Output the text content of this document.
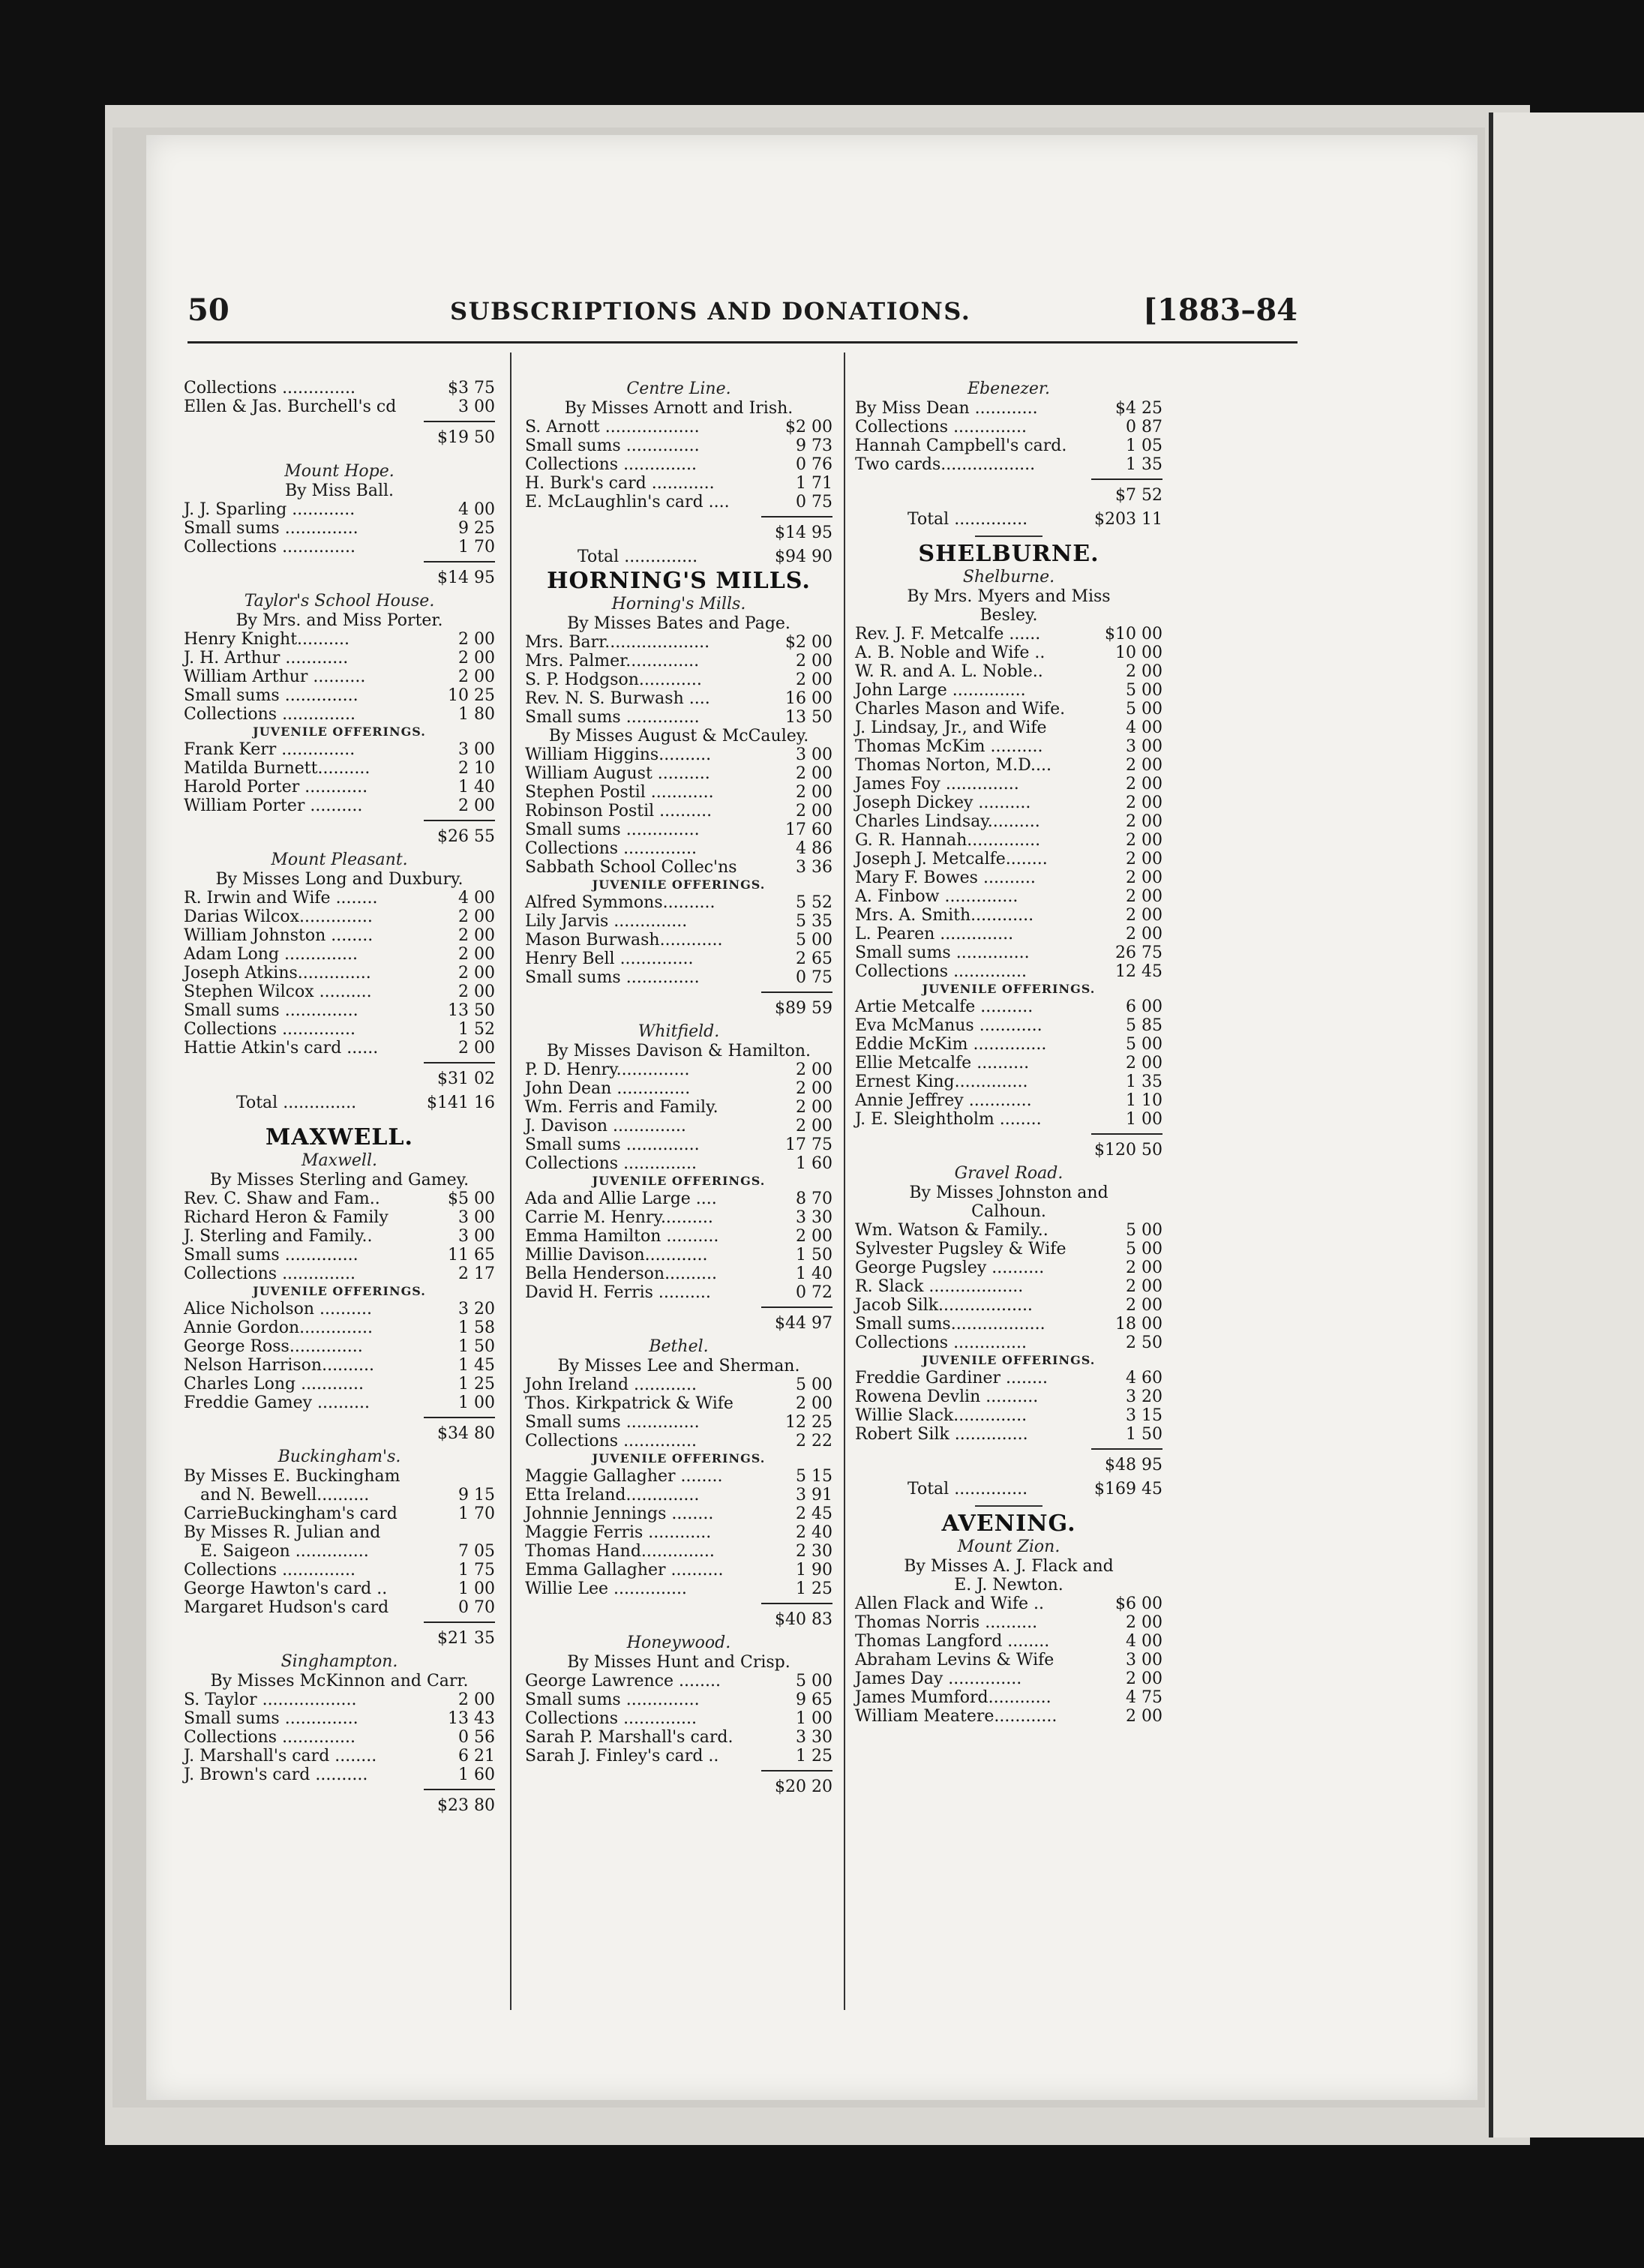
50	SUBSCRIPTIONS AND DONATIONS.	[1883–84
Collections ..............	$3 75
Ellen & Jas. Burchell's cd	3 00
$19 50
Mount Hope.
By Miss Ball.
J. J. Sparling ............	4 00
Small sums ..............	9 25
Collections ..............	1 70
$14 95
Taylor's School House.
By Mrs. and Miss Porter.
Henry Knight..........	2 00
J. H. Arthur ............	2 00
William Arthur ..........	2 00
Small sums ..............	10 25
Collections ..............	1 80
JUVENILE OFFERINGS.
Frank Kerr ..............	3 00
Matilda Burnett..........	2 10
Harold Porter ............	1 40
William Porter ..........	2 00
$26 55
Mount Pleasant.
By Misses Long and Duxbury.
R. Irwin and Wife ........	4 00
Darias Wilcox..............	2 00
William Johnston ........	2 00
Adam Long ..............	2 00
Joseph Atkins..............	2 00
Stephen Wilcox ..........	2 00
Small sums ..............	13 50
Collections ..............	1 52
Hattie Atkin's card ......	2 00
$31 02
Total ..............	$141 16
MAXWELL.
Maxwell.
By Misses Sterling and Gamey.
Rev. C. Shaw and Fam..	$5 00
Richard Heron & Family	3 00
J. Sterling and Family..	3 00
Small sums ..............	11 65
Collections ..............	2 17
JUVENILE OFFERINGS.
Alice Nicholson ..........	3 20
Annie Gordon..............	1 58
George Ross..............	1 50
Nelson Harrison..........	1 45
Charles Long ............	1 25
Freddie Gamey ..........	1 00
$34 80
Buckingham's.
By Misses E. Buckingham
and N. Bewell..........	9 15
CarrieBuckingham's card	1 70
By Misses R. Julian and
E. Saigeon ..............	7 05
Collections ..............	1 75
George Hawton's card ..	1 00
Margaret Hudson's card	0 70
$21 35
Singhampton.
By Misses McKinnon and Carr.
S. Taylor ..................	2 00
Small sums ..............	13 43
Collections ..............	0 56
J. Marshall's card ........	6 21
J. Brown's card ..........	1 60
$23 80
Centre Line.
By Misses Arnott and Irish.
S. Arnott ..................	$2 00
Small sums ..............	9 73
Collections ..............	0 76
H. Burk's card ............	1 71
E. McLaughlin's card ....	0 75
$14 95
Total ..............	$94 90
HORNING'S MILLS.
Horning's Mills.
By Misses Bates and Page.
Mrs. Barr....................	$2 00
Mrs. Palmer..............	2 00
S. P. Hodgson............	2 00
Rev. N. S. Burwash ....	16 00
Small sums ..............	13 50
By Misses August & McCauley.
William Higgins..........	3 00
William August ..........	2 00
Stephen Postil ............	2 00
Robinson Postil ..........	2 00
Small sums ..............	17 60
Collections ..............	4 86
Sabbath School Collec'ns	3 36
JUVENILE OFFERINGS.
Alfred Symmons..........	5 52
Lily Jarvis ..............	5 35
Mason Burwash............	5 00
Henry Bell ..............	2 65
Small sums ..............	0 75
$89 59
Whitfield.
By Misses Davison & Hamilton.
P. D. Henry..............	2 00
John Dean ..............	2 00
Wm. Ferris and Family.	2 00
J. Davison ..............	2 00
Small sums ..............	17 75
Collections ..............	1 60
JUVENILE OFFERINGS.
Ada and Allie Large ....	8 70
Carrie M. Henry..........	3 30
Emma Hamilton ..........	2 00
Millie Davison............	1 50
Bella Henderson..........	1 40
David H. Ferris ..........	0 72
$44 97
Bethel.
By Misses Lee and Sherman.
John Ireland ............	5 00
Thos. Kirkpatrick & Wife	2 00
Small sums ..............	12 25
Collections ..............	2 22
JUVENILE OFFERINGS.
Maggie Gallagher ........	5 15
Etta Ireland..............	3 91
Johnnie Jennings ........	2 45
Maggie Ferris ............	2 40
Thomas Hand..............	2 30
Emma Gallagher ..........	1 90
Willie Lee ..............	1 25
$40 83
Honeywood.
By Misses Hunt and Crisp.
George Lawrence ........	5 00
Small sums ..............	9 65
Collections ..............	1 00
Sarah P. Marshall's card.	3 30
Sarah J. Finley's card ..	1 25
$20 20
Ebenezer.
By Miss Dean ............	$4 25
Collections ..............	0 87
Hannah Campbell's card.	1 05
Two cards..................	1 35
$7 52
Total ..............	$203 11
SHELBURNE.
Shelburne.
By Mrs. Myers and Miss
Besley.
Rev. J. F. Metcalfe ......	$10 00
A. B. Noble and Wife ..	10 00
W. R. and A. L. Noble..	2 00
John Large ..............	5 00
Charles Mason and Wife.	5 00
J. Lindsay, Jr., and Wife	4 00
Thomas McKim ..........	3 00
Thomas Norton, M.D....	2 00
James Foy ..............	2 00
Joseph Dickey ..........	2 00
Charles Lindsay..........	2 00
G. R. Hannah..............	2 00
Joseph J. Metcalfe........	2 00
Mary F. Bowes ..........	2 00
A. Finbow ..............	2 00
Mrs. A. Smith............	2 00
L. Pearen ..............	2 00
Small sums ..............	26 75
Collections ..............	12 45
JUVENILE OFFERINGS.
Artie Metcalfe ..........	6 00
Eva McManus ............	5 85
Eddie McKim ..............	5 00
Ellie Metcalfe ..........	2 00
Ernest King..............	1 35
Annie Jeffrey ............	1 10
J. E. Sleightholm ........	1 00
$120 50
Gravel Road.
By Misses Johnston and
Calhoun.
Wm. Watson & Family..	5 00
Sylvester Pugsley & Wife	5 00
George Pugsley ..........	2 00
R. Slack ..................	2 00
Jacob Silk..................	2 00
Small sums..................	18 00
Collections ..............	2 50
JUVENILE OFFERINGS.
Freddie Gardiner ........	4 60
Rowena Devlin ..........	3 20
Willie Slack..............	3 15
Robert Silk ..............	1 50
$48 95
Total ..............	$169 45
AVENING.
Mount Zion.
By Misses A. J. Flack and
E. J. Newton.
Allen Flack and Wife ..	$6 00
Thomas Norris ..........	2 00
Thomas Langford ........	4 00
Abraham Levins & Wife	3 00
James Day ..............	2 00
James Mumford............	4 75
William Meatere............	2 00
